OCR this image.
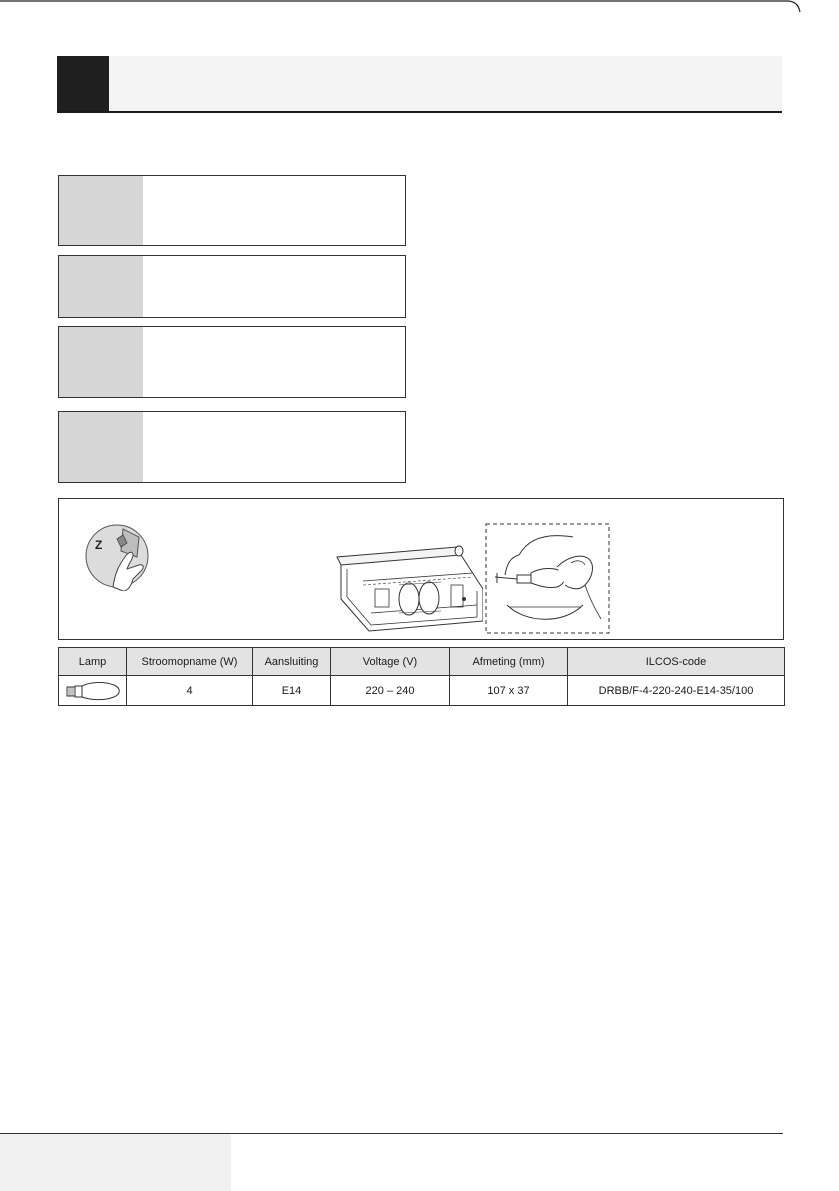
Z
Lamp	Stroomopname (W)	Aansluiting	Voltage (V)	Afmeting (mm)	ILCOS-code

	4	E14	220 – 240	107 x 37	DRBB/F-4-220-240-E14-35/100
